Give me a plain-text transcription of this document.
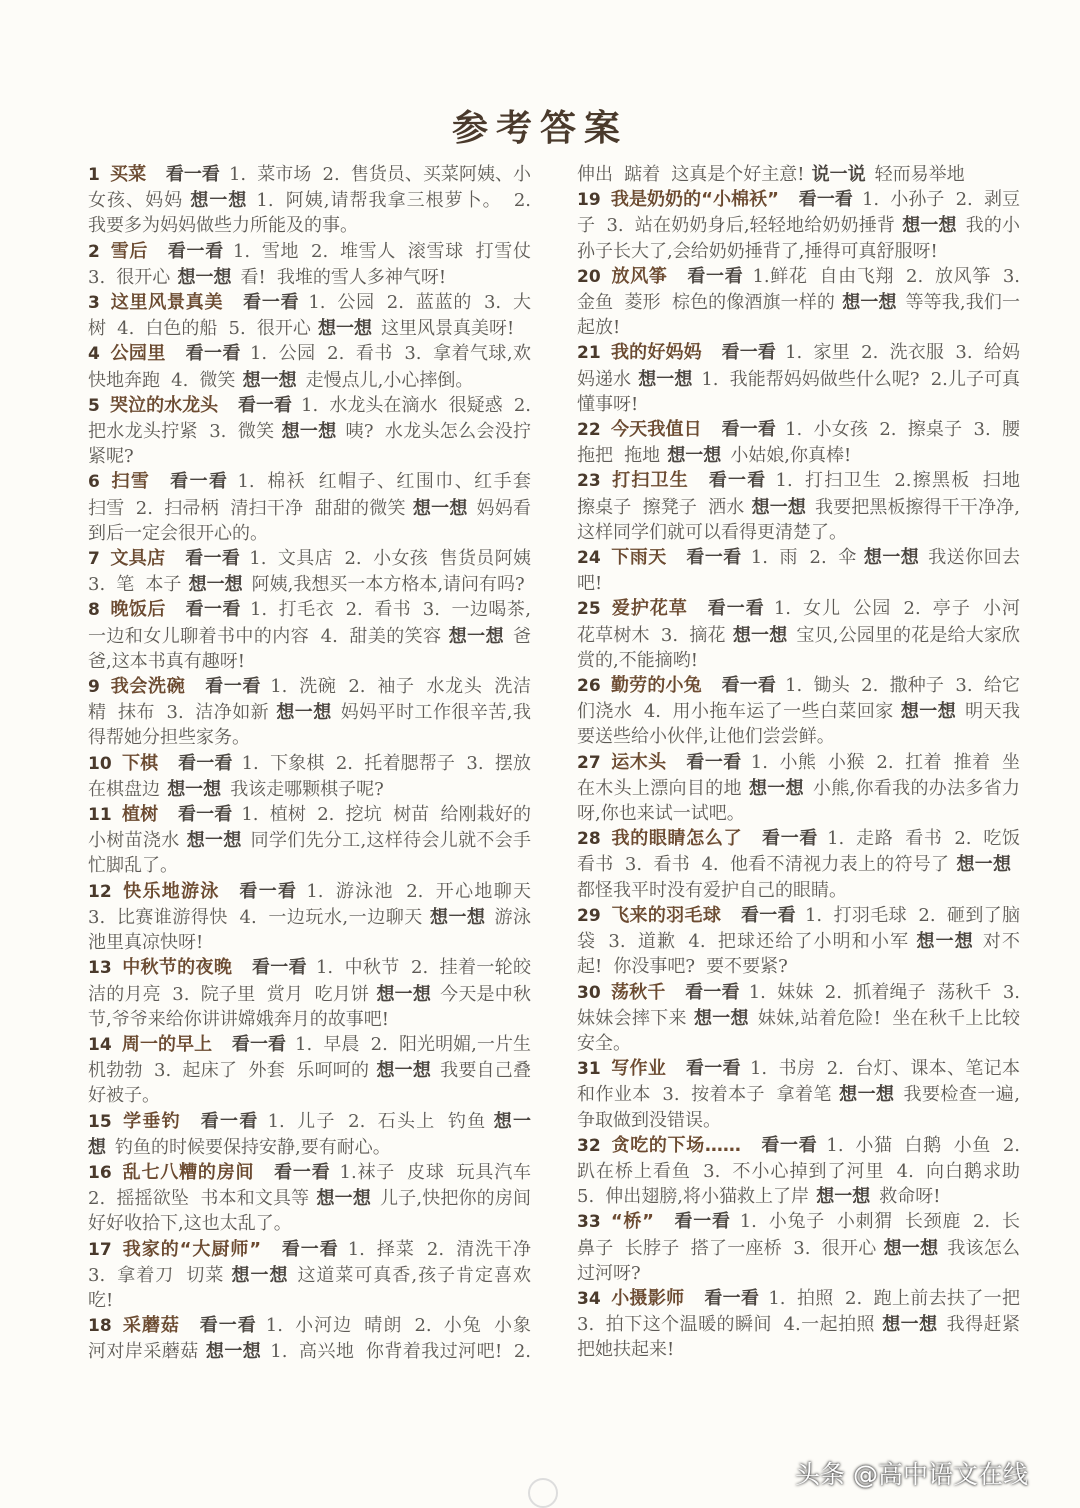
参考答案

1 买菜 看一看 1. 菜市场 2. 售货员、买菜阿姨、小女孩、妈妈 想一想 1. 阿姨,请帮我拿三根萝卜。 2. 我要多为妈妈做些力所能及的事。

2 雪后 看一看 1. 雪地 2. 堆雪人 滚雪球 打雪仗 3. 很开心 想一想 看! 我堆的雪人多神气呀!

3 这里风景真美 看一看 1. 公园 2. 蓝蓝的 3. 大树 4. 白色的船 5. 很开心 想一想 这里风景真美呀!

4 公园里 看一看 1. 公园 2. 看书 3. 拿着气球,欢快地奔跑 4. 微笑 想一想 走慢点儿,小心摔倒。

5 哭泣的水龙头 看一看 1. 水龙头在滴水 很疑惑 2. 把水龙头拧紧 3. 微笑 想一想 咦? 水龙头怎么会没拧紧呢?

6 扫雪 看一看 1. 棉袄 红帽子、红围巾、红手套 扫雪 2. 扫帚柄 清扫干净 甜甜的微笑 想一想 妈妈看到后一定会很开心的。

7 文具店 看一看 1. 文具店 2. 小女孩 售货员阿姨 3. 笔 本子 想一想 阿姨,我想买一本方格本,请问有吗?

8 晚饭后 看一看 1. 打毛衣 2. 看书 3. 一边喝茶,一边和女儿聊着书中的内容 4. 甜美的笑容 想一想 爸爸,这本书真有趣呀!

9 我会洗碗 看一看 1. 洗碗 2. 袖子 水龙头 洗洁精 抹布 3. 洁净如新 想一想 妈妈平时工作很辛苦,我得帮她分担些家务。

10 下棋 看一看 1. 下象棋 2. 托着腮帮子 3. 摆放在棋盘边 想一想 我该走哪颗棋子呢?

11 植树 看一看 1. 植树 2. 挖坑 树苗 给刚栽好的小树苗浇水 想一想 同学们先分工,这样待会儿就不会手忙脚乱了。

12 快乐地游泳 看一看 1. 游泳池 2. 开心地聊天 3. 比赛谁游得快 4. 一边玩水,一边聊天 想一想 游泳池里真凉快呀!

13 中秋节的夜晚 看一看 1. 中秋节 2. 挂着一轮皎洁的月亮 3. 院子里 赏月 吃月饼 想一想 今天是中秋节,爷爷来给你讲讲嫦娥奔月的故事吧!

14 周一的早上 看一看 1. 早晨 2. 阳光明媚,一片生机勃勃 3. 起床了 外套 乐呵呵的 想一想 我要自己叠好被子。

15 学垂钓 看一看 1. 儿子 2. 石头上 钓鱼 想一想 钓鱼的时候要保持安静,要有耐心。

16 乱七八糟的房间 看一看 1.袜子 皮球 玩具汽车 2. 摇摇欲坠 书本和文具等 想一想 儿子,快把你的房间好好收拾下,这也太乱了。

17 我家的“大厨师” 看一看 1. 择菜 2. 清洗干净 3. 拿着刀 切菜 想一想 这道菜可真香,孩子肯定喜欢吃!

18 采蘑菇 看一看 1. 小河边 晴朗 2. 小兔 小象 河对岸采蘑菇 想一想 1. 高兴地 你背着我过河吧! 2. 伸出 踮着 这真是个好主意! 说一说 轻而易举地

19 我是奶奶的“小棉袄” 看一看 1. 小孙子 2. 剥豆子 3. 站在奶奶身后,轻轻地给奶奶捶背 想一想 我的小孙子长大了,会给奶奶捶背了,捶得可真舒服呀!

20 放风筝 看一看 1.鲜花 自由飞翔 2. 放风筝 3. 金鱼 菱形 棕色的像酒旗一样的 想一想 等等我,我们一起放!

21 我的好妈妈 看一看 1. 家里 2. 洗衣服 3. 给妈妈递水 想一想 1. 我能帮妈妈做些什么呢? 2.儿子可真懂事呀!

22 今天我值日 看一看 1. 小女孩 2. 擦桌子 3. 腰 拖把 拖地 想一想 小姑娘,你真棒!

23 打扫卫生 看一看 1. 打扫卫生 2.擦黑板 扫地 擦桌子 擦凳子 洒水 想一想 我要把黑板擦得干干净净,这样同学们就可以看得更清楚了。

24 下雨天 看一看 1. 雨 2. 伞 想一想 我送你回去吧!

25 爱护花草 看一看 1. 女儿 公园 2. 亭子 小河 花草树木 3. 摘花 想一想 宝贝,公园里的花是给大家欣赏的,不能摘哟!

26 勤劳的小兔 看一看 1. 锄头 2. 撒种子 3. 给它们浇水 4. 用小拖车运了一些白菜回家 想一想 明天我要送些给小伙伴,让他们尝尝鲜。

27 运木头 看一看 1. 小熊 小猴 2. 扛着 推着 坐在木头上漂向目的地 想一想 小熊,你看我的办法多省力呀,你也来试一试吧。

28 我的眼睛怎么了 看一看 1. 走路 看书 2. 吃饭 看书 3. 看书 4. 他看不清视力表上的符号了 想一想都怪我平时没有爱护自己的眼睛。

29 飞来的羽毛球 看一看 1. 打羽毛球 2. 砸到了脑袋 3. 道歉 4. 把球还给了小明和小军 想一想 对不起! 你没事吧? 要不要紧?

30 荡秋千 看一看 1. 妹妹 2. 抓着绳子 荡秋千 3. 妹妹会摔下来 想一想 妹妹,站着危险! 坐在秋千上比较安全。

31 写作业 看一看 1. 书房 2. 台灯、课本、笔记本和作业本 3. 按着本子 拿着笔 想一想 我要检查一遍,争取做到没错误。

32 贪吃的下场…… 看一看 1. 小猫 白鹅 小鱼 2. 趴在桥上看鱼 3. 不小心掉到了河里 4. 向白鹅求助 5. 伸出翅膀,将小猫救上了岸 想一想 救命呀!

33 “桥” 看一看 1. 小兔子 小刺猬 长颈鹿 2. 长鼻子 长脖子 搭了一座桥 3. 很开心 想一想 我该怎么过河呀?

34 小摄影师 看一看 1. 拍照 2. 跑上前去扶了一把 3. 拍下这个温暖的瞬间 4.一起拍照 想一想 我得赶紧把她扶起来!

头条 @高中语文在线
